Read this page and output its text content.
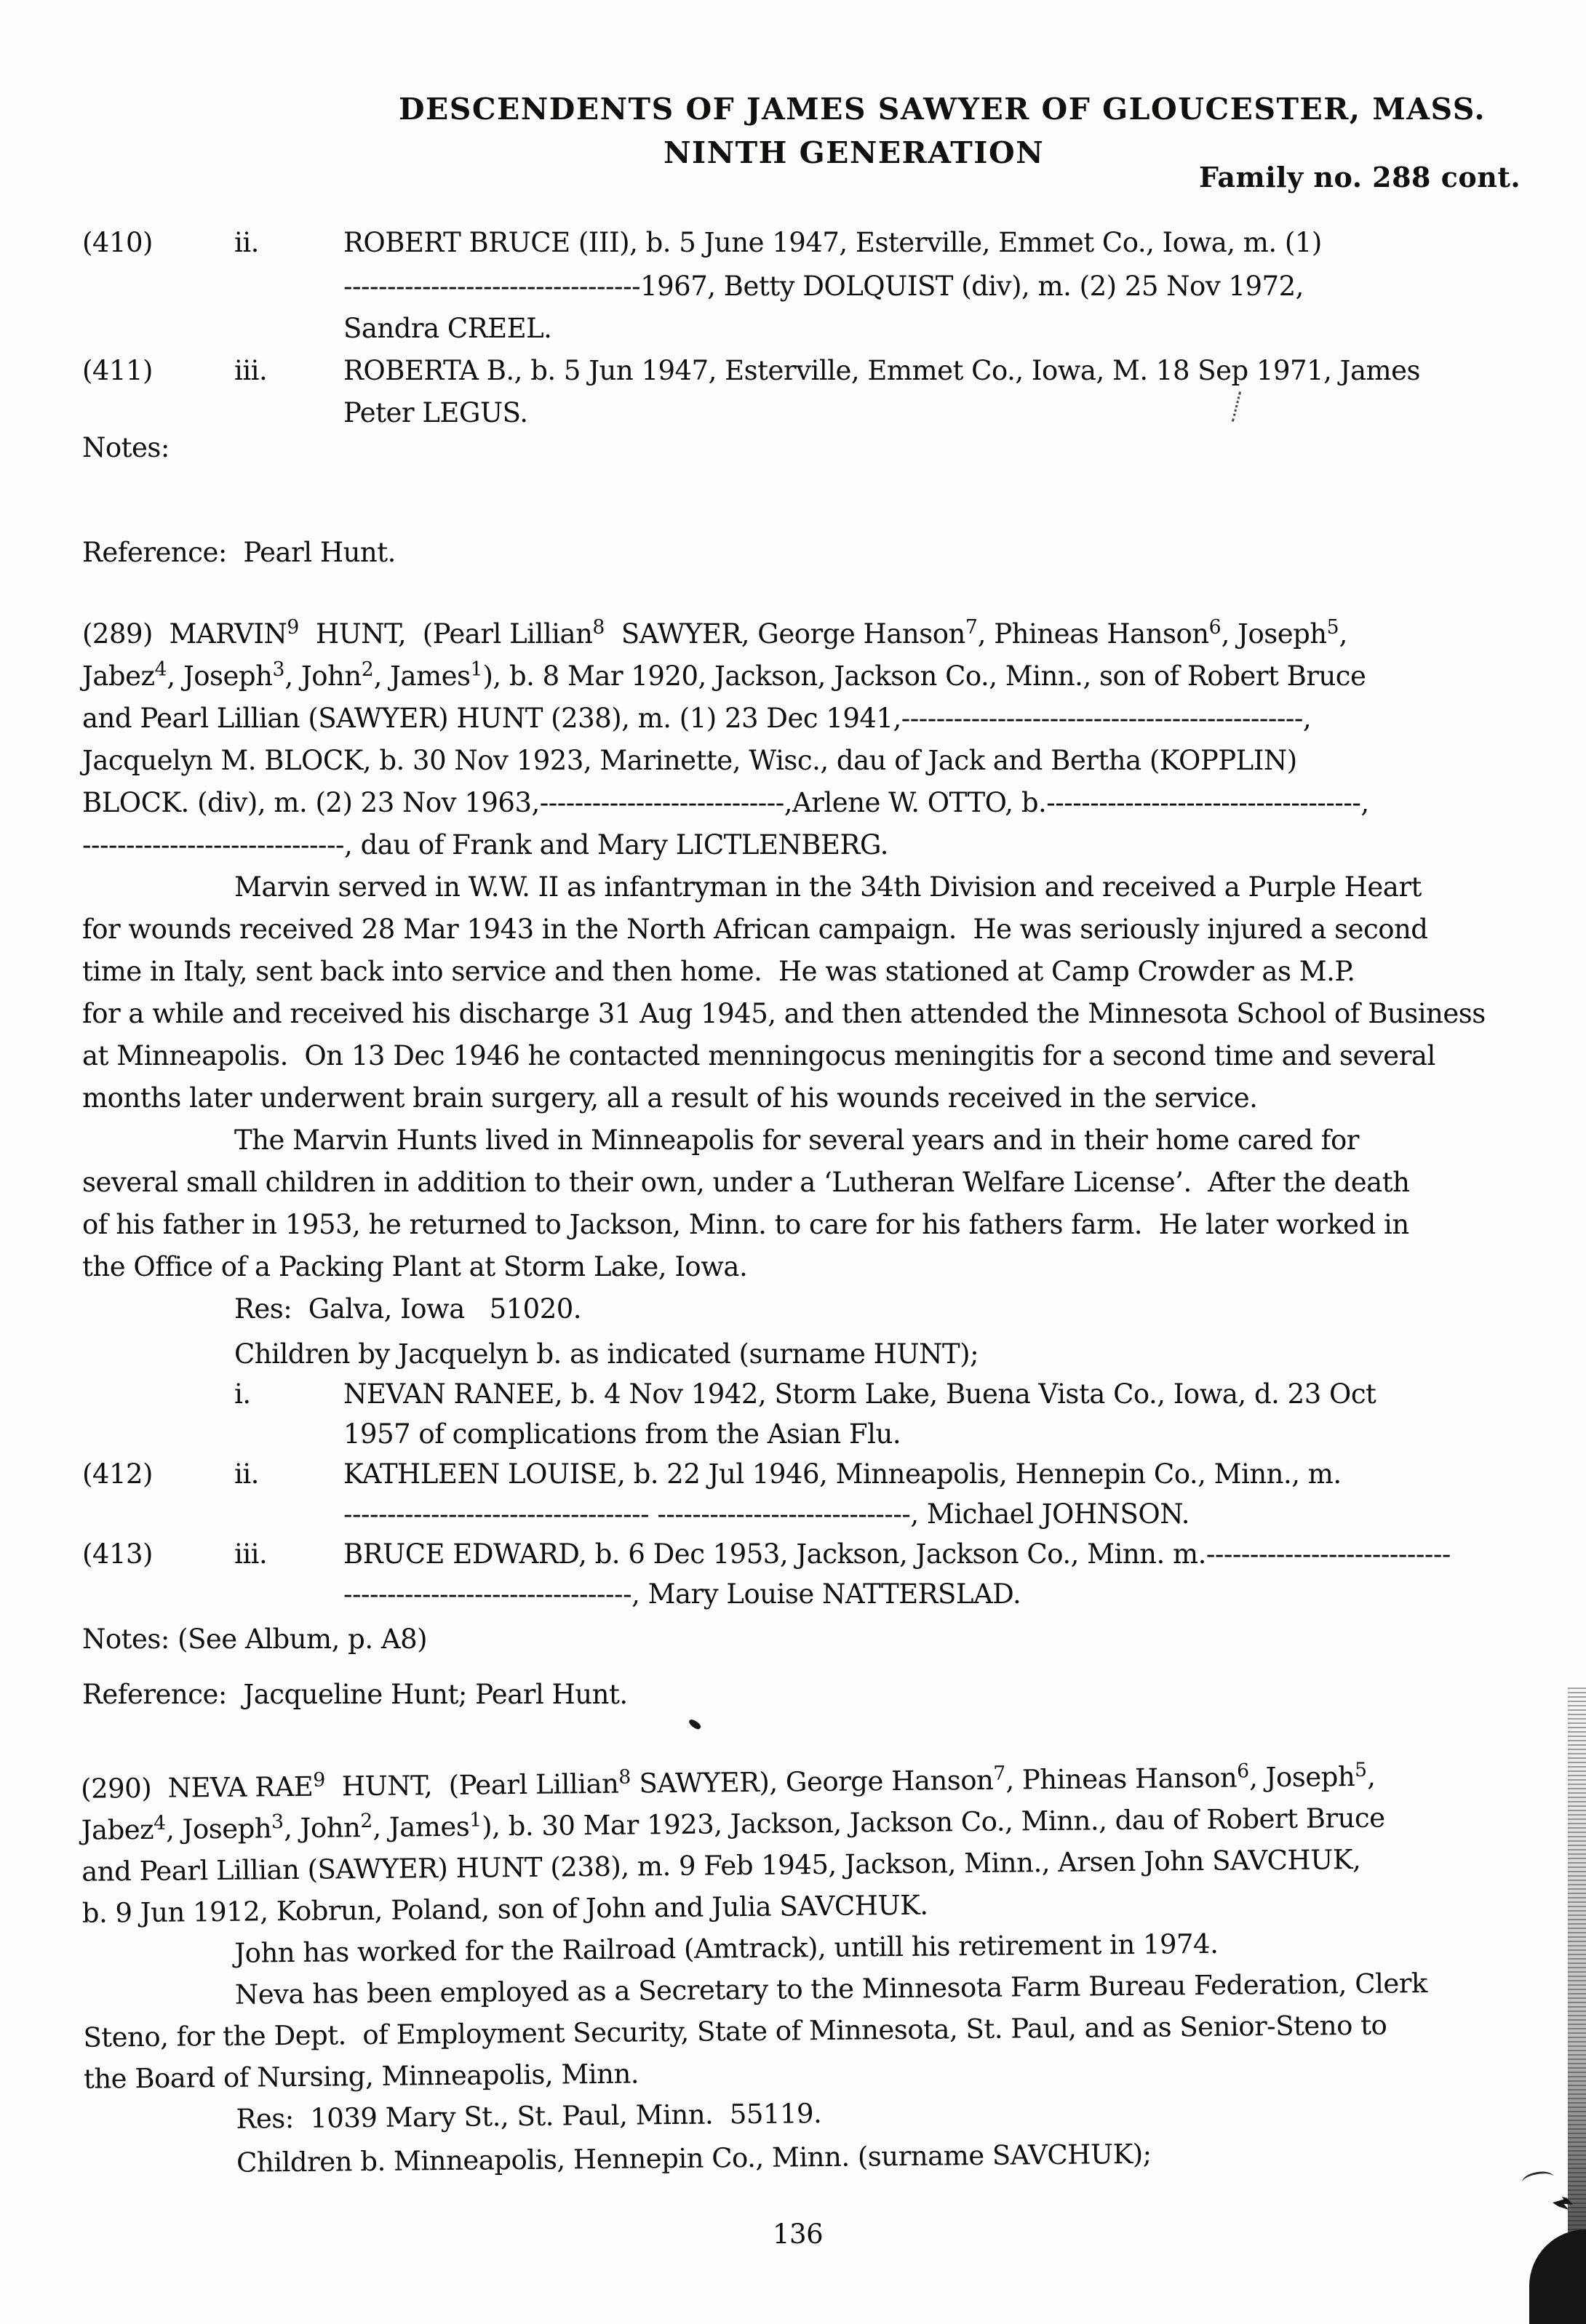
DESCENDENTS OF JAMES SAWYER OF GLOUCESTER, MASS.
NINTH GENERATION
Family no. 288 cont.
(410)	ii.	ROBERT BRUCE (III), b. 5 June 1947, Esterville, Emmet Co., Iowa, m. (1)
----------------------------------1967, Betty DOLQUIST (div), m. (2) 25 Nov 1972,
Sandra CREEL.
(411)	iii.	ROBERTA B., b. 5 Jun 1947, Esterville, Emmet Co., Iowa, M. 18 Sep 1971, James
Peter LEGUS.
Notes:
Reference:  Pearl Hunt.
(289)  MARVIN$^9$  HUNT,  (Pearl Lillian$^8$  SAWYER, George Hanson$^7$, Phineas Hanson$^6$, Joseph$^5$,
Jabez$^4$, Joseph$^3$, John$^2$, James$^1$), b. 8 Mar 1920, Jackson, Jackson Co., Minn., son of Robert Bruce
and Pearl Lillian (SAWYER) HUNT (238), m. (1) 23 Dec 1941,----------------------------------------------,
Jacquelyn M. BLOCK, b. 30 Nov 1923, Marinette, Wisc., dau of Jack and Bertha (KOPPLIN)
BLOCK. (div), m. (2) 23 Nov 1963,----------------------------,Arlene W. OTTO, b.------------------------------------,
------------------------------, dau of Frank and Mary LICTLENBERG.
Marvin served in W.W. II as infantryman in the 34th Division and received a Purple Heart
for wounds received 28 Mar 1943 in the North African campaign.  He was seriously injured a second
time in Italy, sent back into service and then home.  He was stationed at Camp Crowder as M.P.
for a while and received his discharge 31 Aug 1945, and then attended the Minnesota School of Business
at Minneapolis.  On 13 Dec 1946 he contacted menningocus meningitis for a second time and several
months later underwent brain surgery, all a result of his wounds received in the service.
The Marvin Hunts lived in Minneapolis for several years and in their home cared for
several small children in addition to their own, under a ‘Lutheran Welfare License’.  After the death
of his father in 1953, he returned to Jackson, Minn. to care for his fathers farm.  He later worked in
the Office of a Packing Plant at Storm Lake, Iowa.
Res:  Galva, Iowa   51020.
Children by Jacquelyn b. as indicated (surname HUNT);
i.	NEVAN RANEE, b. 4 Nov 1942, Storm Lake, Buena Vista Co., Iowa, d. 23 Oct
1957 of complications from the Asian Flu.
(412)	ii.	KATHLEEN LOUISE, b. 22 Jul 1946, Minneapolis, Hennepin Co., Minn., m.
----------------------------------- -----------------------------, Michael JOHNSON.
(413)	iii.	BRUCE EDWARD, b. 6 Dec 1953, Jackson, Jackson Co., Minn. m.----------------------------
---------------------------------, Mary Louise NATTERSLAD.
Notes: (See Album, p. A8)
Reference:  Jacqueline Hunt; Pearl Hunt.
(290)  NEVA RAE$^9$  HUNT,  (Pearl Lillian$^8$ SAWYER), George Hanson$^7$, Phineas Hanson$^6$, Joseph$^5$,
Jabez$^4$, Joseph$^3$, John$^2$, James$^1$), b. 30 Mar 1923, Jackson, Jackson Co., Minn., dau of Robert Bruce
and Pearl Lillian (SAWYER) HUNT (238), m. 9 Feb 1945, Jackson, Minn., Arsen John SAVCHUK,
b. 9 Jun 1912, Kobrun, Poland, son of John and Julia SAVCHUK.
John has worked for the Railroad (Amtrack), untill his retirement in 1974.
Neva has been employed as a Secretary to the Minnesota Farm Bureau Federation, Clerk
Steno, for the Dept.  of Employment Security, State of Minnesota, St. Paul, and as Senior-Steno to
the Board of Nursing, Minneapolis, Minn.
Res:  1039 Mary St., St. Paul, Minn.  55119.
Children b. Minneapolis, Hennepin Co., Minn. (surname SAVCHUK);
136
